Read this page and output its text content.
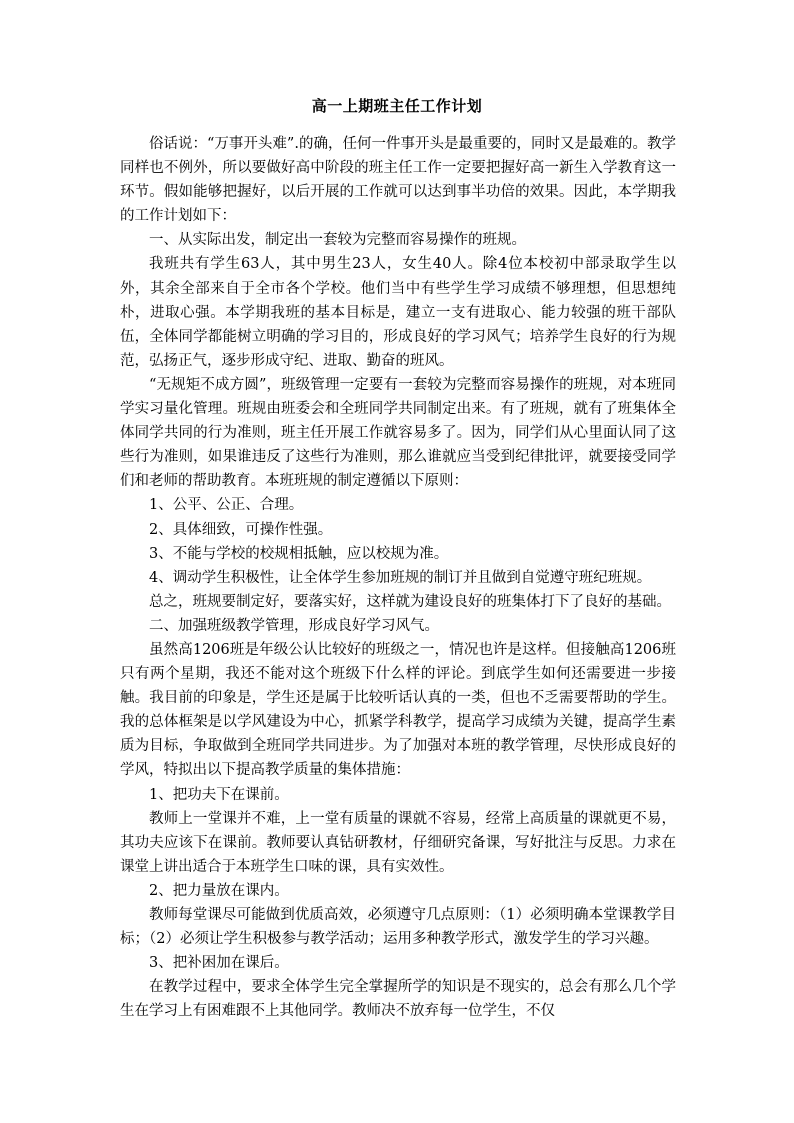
高一上期班主任工作计划

俗话说：“万事开头难”.的确，任何一件事开头是最重要的，同时又是最难的。教学同样也不例外，所以要做好高中阶段的班主任工作一定要把握好高一新生入学教育这一环节。假如能够把握好，以后开展的工作就可以达到事半功倍的效果。因此，本学期我的工作计划如下：

一、从实际出发，制定出一套较为完整而容易操作的班规。

我班共有学生63人，其中男生23人，女生40人。除4位本校初中部录取学生以外，其余全部来自于全市各个学校。他们当中有些学生学习成绩不够理想，但思想纯朴，进取心强。本学期我班的基本目标是，建立一支有进取心、能力较强的班干部队伍，全体同学都能树立明确的学习目的，形成良好的学习风气；培养学生良好的行为规范，弘扬正气，逐步形成守纪、进取、勤奋的班风。

“无规矩不成方圆”，班级管理一定要有一套较为完整而容易操作的班规，对本班同学实习量化管理。班规由班委会和全班同学共同制定出来。有了班规，就有了班集体全体同学共同的行为准则，班主任开展工作就容易多了。因为，同学们从心里面认同了这些行为准则，如果谁违反了这些行为准则，那么谁就应当受到纪律批评，就要接受同学们和老师的帮助教育。本班班规的制定遵循以下原则：

1、公平、公正、合理。

2、具体细致，可操作性强。

3、不能与学校的校规相抵触，应以校规为准。

4、调动学生积极性，让全体学生参加班规的制订并且做到自觉遵守班纪班规。

总之，班规要制定好，要落实好，这样就为建设良好的班集体打下了良好的基础。

二、加强班级教学管理，形成良好学习风气。

虽然高1206班是年级公认比较好的班级之一，情况也许是这样。但接触高1206班只有两个星期，我还不能对这个班级下什么样的评论。到底学生如何还需要进一步接触。我目前的印象是，学生还是属于比较听话认真的一类，但也不乏需要帮助的学生。我的总体框架是以学风建设为中心，抓紧学科教学，提高学习成绩为关键，提高学生素质为目标，争取做到全班同学共同进步。为了加强对本班的教学管理，尽快形成良好的学风，特拟出以下提高教学质量的集体措施：

1、把功夫下在课前。

教师上一堂课并不难，上一堂有质量的课就不容易，经常上高质量的课就更不易，其功夫应该下在课前。教师要认真钻研教材，仔细研究备课，写好批注与反思。力求在课堂上讲出适合于本班学生口味的课，具有实效性。

2、把力量放在课内。

教师每堂课尽可能做到优质高效，必须遵守几点原则：（1）必须明确本堂课教学目标；（2）必须让学生积极参与教学活动；运用多种教学形式，激发学生的学习兴趣。

3、把补困加在课后。

在教学过程中，要求全体学生完全掌握所学的知识是不现实的，总会有那么几个学生在学习上有困难跟不上其他同学。教师决不放弃每一位学生，不仅
